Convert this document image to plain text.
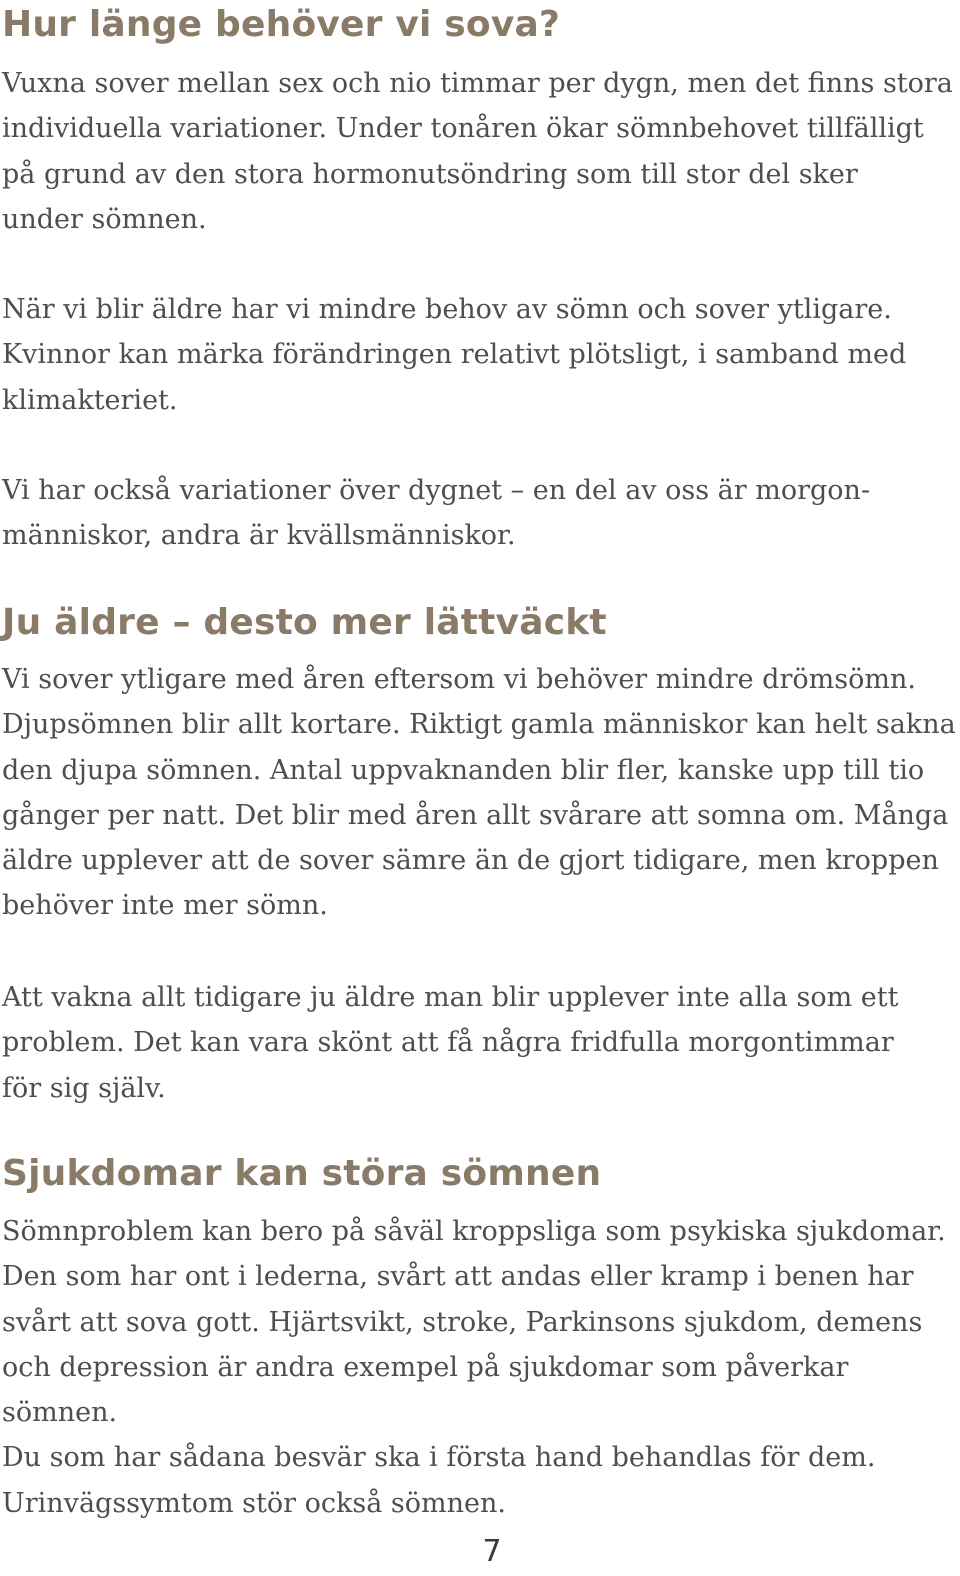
Hur länge behöver vi sova?

Vuxna sover mellan sex och nio timmar per dygn, men det finns stora
individuella variationer. Under tonåren ökar sömnbehovet tillfälligt
på grund av den stora hormonutsöndring som till stor del sker
under sömnen.

När vi blir äldre har vi mindre behov av sömn och sover ytligare.
Kvinnor kan märka förändringen relativt plötsligt, i samband med
klimakteriet.

Vi har också variationer över dygnet – en del av oss är morgon-
människor, andra är kvällsmänniskor.

Ju äldre – desto mer lättväckt

Vi sover ytligare med åren eftersom vi behöver mindre drömsömn.
Djupsömnen blir allt kortare. Riktigt gamla människor kan helt sakna
den djupa sömnen. Antal uppvaknanden blir fler, kanske upp till tio
gånger per natt. Det blir med åren allt svårare att somna om. Många
äldre upplever att de sover sämre än de gjort tidigare, men kroppen
behöver inte mer sömn.

Att vakna allt tidigare ju äldre man blir upplever inte alla som ett
problem. Det kan vara skönt att få några fridfulla morgontimmar
för sig själv.

Sjukdomar kan störa sömnen

Sömnproblem kan bero på såväl kroppsliga som psykiska sjukdomar.
Den som har ont i lederna, svårt att andas eller kramp i benen har
svårt att sova gott. Hjärtsvikt, stroke, Parkinsons sjukdom, demens
och depression är andra exempel på sjukdomar som påverkar sömnen.
Du som har sådana besvär ska i första hand behandlas för dem.
Urinvägssymtom stör också sömnen.

7
